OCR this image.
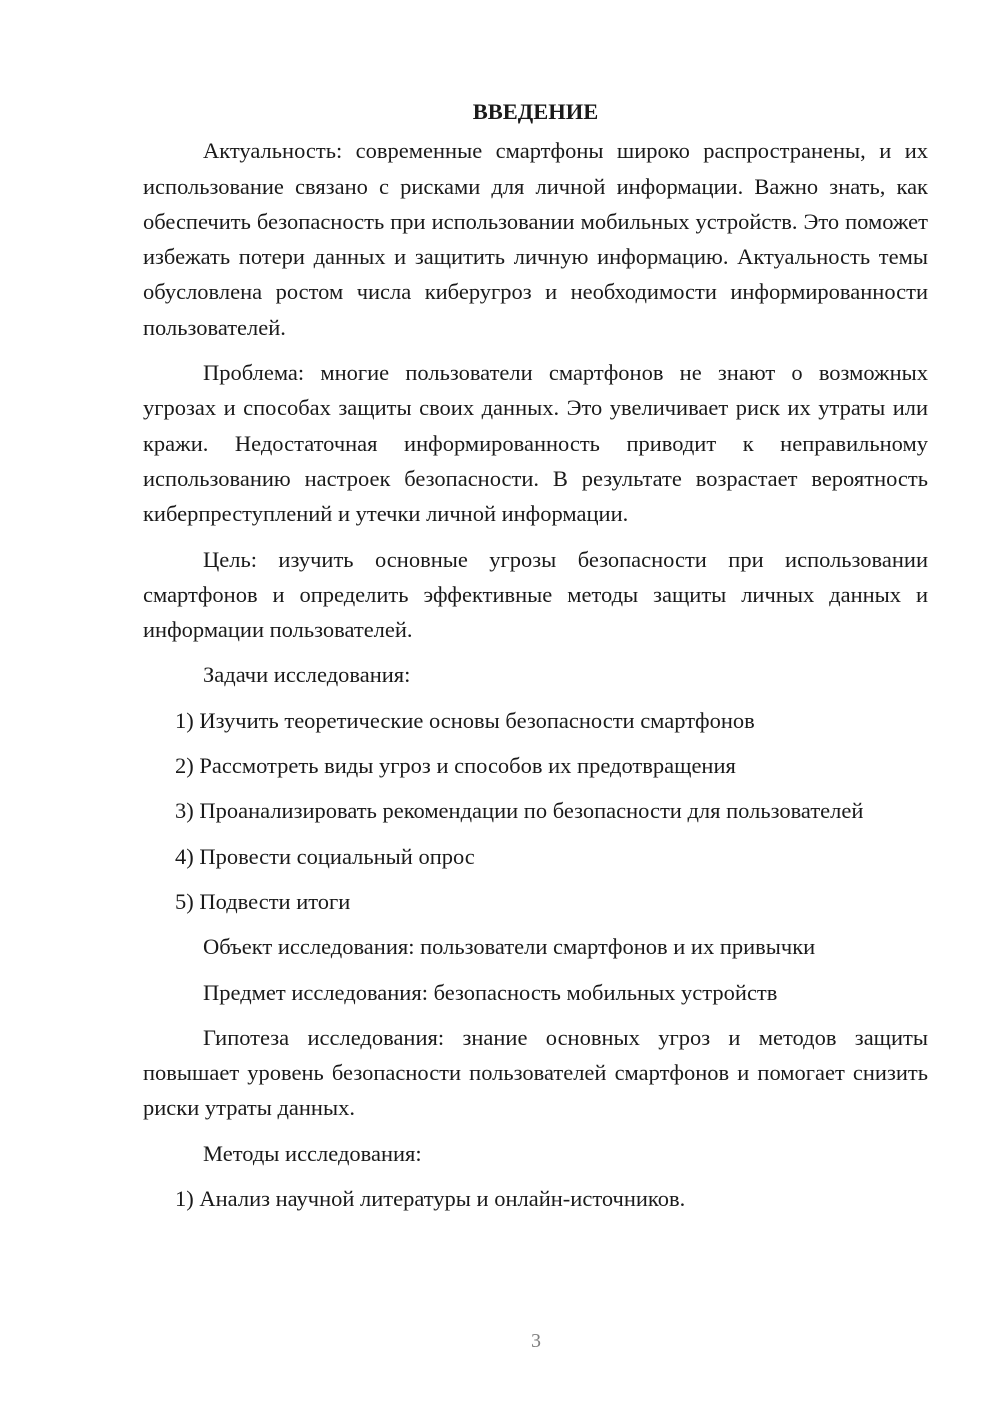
ВВЕДЕНИЕ

Актуальность: современные смартфоны широко распространены, и их использование связано с рисками для личной информации. Важно знать, как обеспечить безопасность при использовании мобильных устройств. Это поможет избежать потери данных и защитить личную информацию. Актуальность темы обусловлена ростом числа киберугроз и необходимости информированности пользователей.

Проблема: многие пользователи смартфонов не знают о возможных угрозах и способах защиты своих данных. Это увеличивает риск их утраты или кражи. Недостаточная информированность приводит к неправильному использованию настроек безопасности. В результате возрастает вероятность киберпреступлений и утечки личной информации.

Цель: изучить основные угрозы безопасности при использовании смартфонов и определить эффективные методы защиты личных данных и информации пользователей.

Задачи исследования:

1) Изучить теоретические основы безопасности смартфонов

2) Рассмотреть виды угроз и способов их предотвращения

3) Проанализировать рекомендации по безопасности для пользователей

4) Провести социальный опрос

5) Подвести итоги

Объект исследования: пользователи смартфонов и их привычки

Предмет исследования: безопасность мобильных устройств

Гипотеза исследования: знание основных угроз и методов защиты повышает уровень безопасности пользователей смартфонов и помогает снизить риски утраты данных.

Методы исследования:

1) Анализ научной литературы и онлайн-источников.

3
